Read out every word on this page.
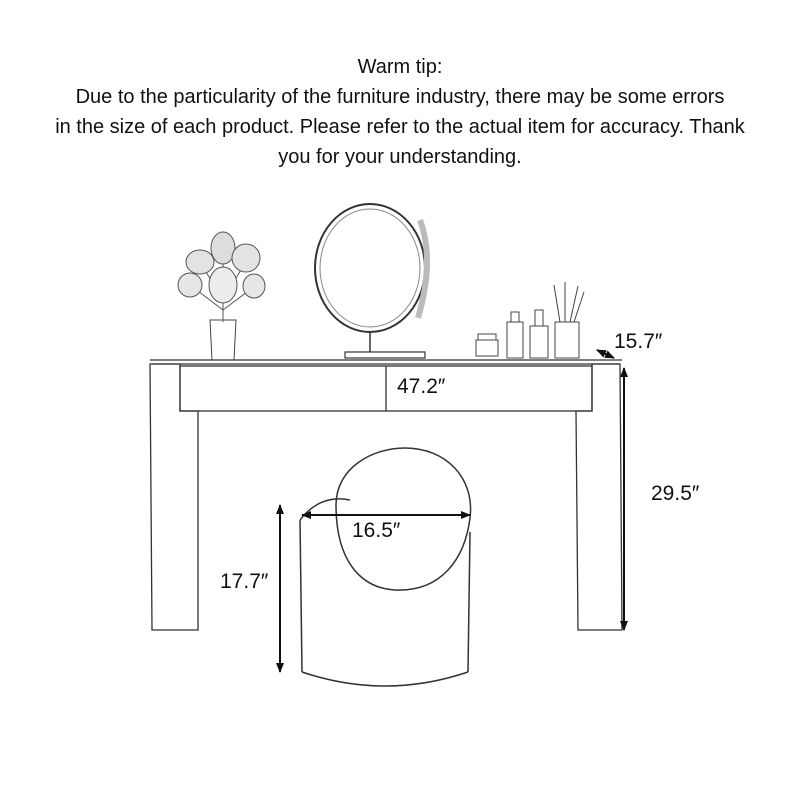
Warm tip:
Due to the particularity of the furniture industry, there may be some errors
in the size of each product. Please refer to the actual item for accuracy. Thank
you for your understanding.
15.7″
47.2″
29.5″
16.5″
17.7″
